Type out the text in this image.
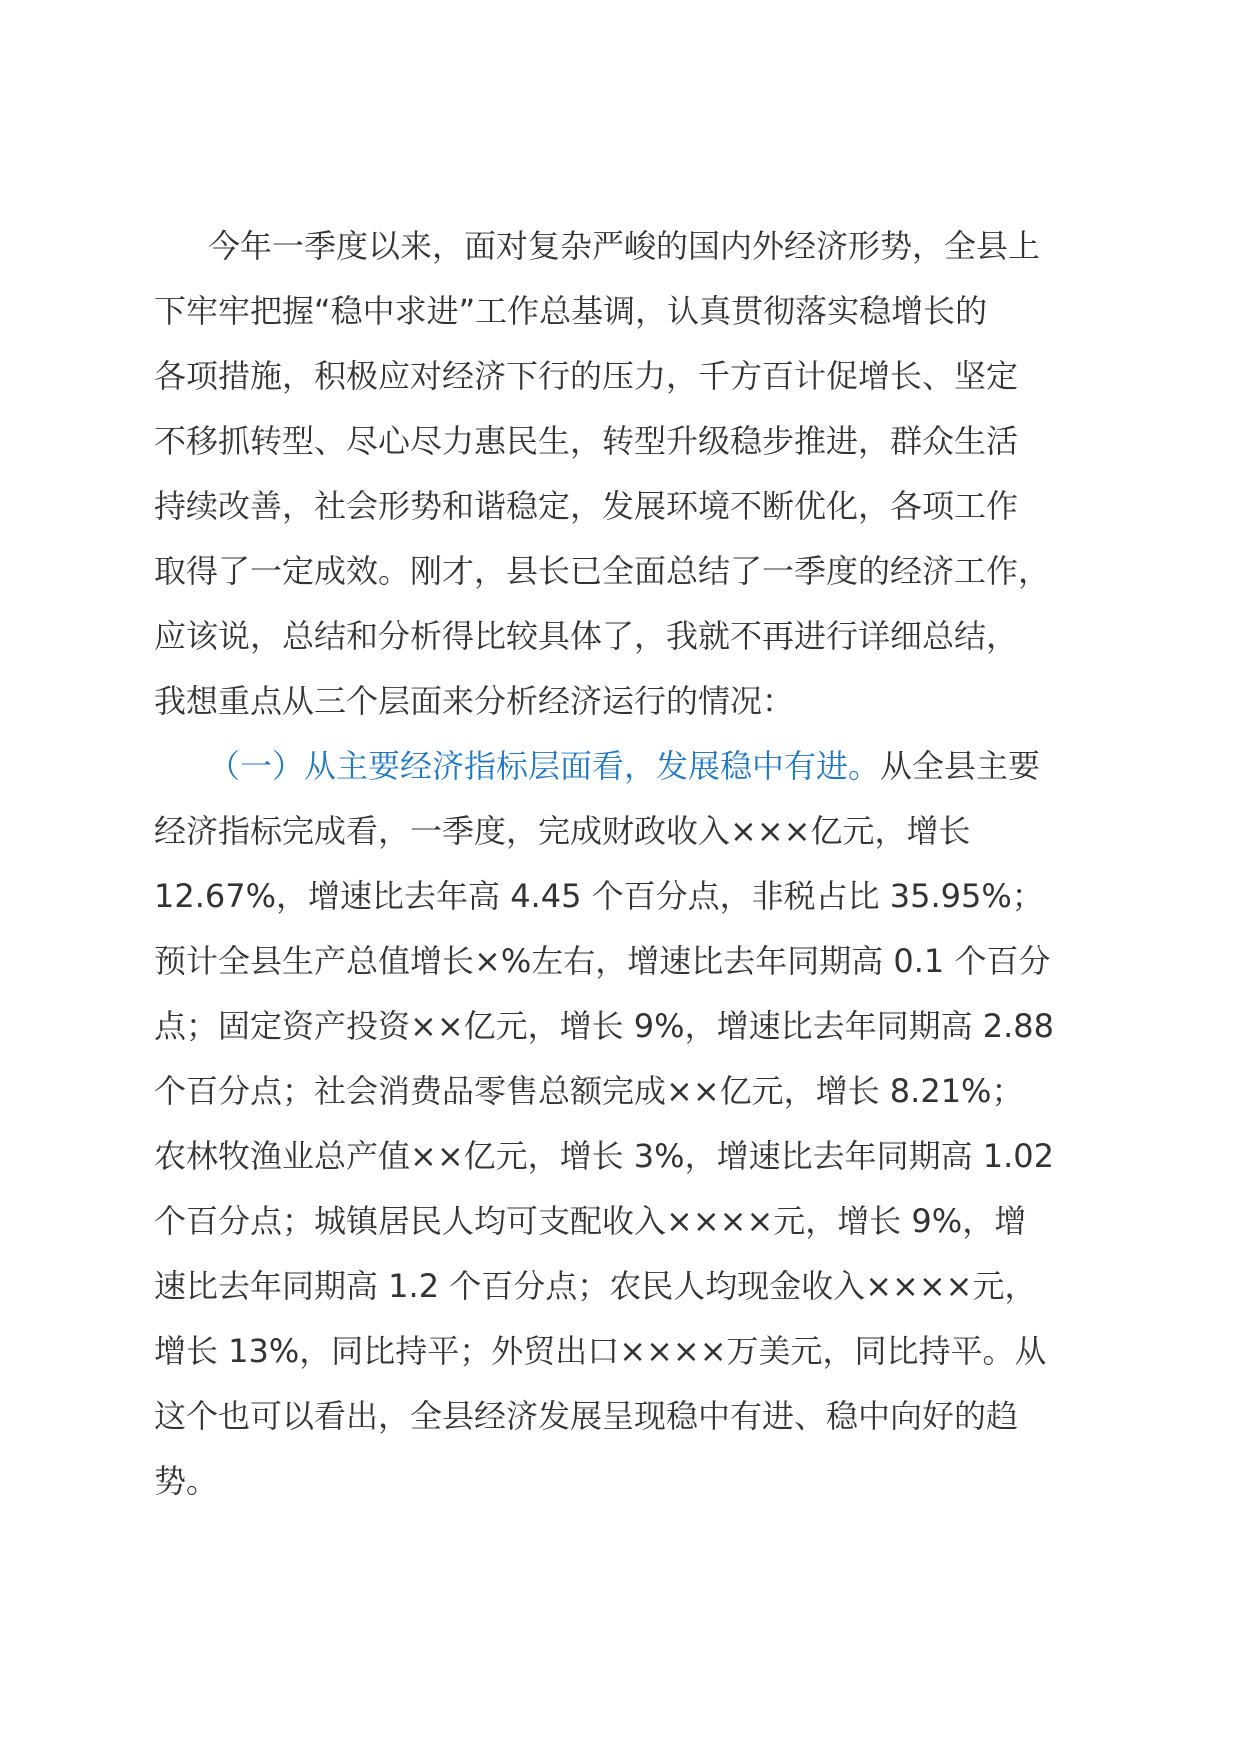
今年一季度以来，面对复杂严峻的国内外经济形势，全县上
下牢牢把握“稳中求进”工作总基调，认真贯彻落实稳增长的
各项措施，积极应对经济下行的压力，千方百计促增长、坚定
不移抓转型、尽心尽力惠民生，转型升级稳步推进，群众生活
持续改善，社会形势和谐稳定，发展环境不断优化，各项工作
取得了一定成效。刚才，县长已全面总结了一季度的经济工作，
应该说，总结和分析得比较具体了，我就不再进行详细总结，
我想重点从三个层面来分析经济运行的情况：
（一）从主要经济指标层面看，发展稳中有进。从全县主要
经济指标完成看，一季度，完成财政收入×××亿元，增长
12.67%，增速比去年高 4.45 个百分点，非税占比 35.95%；
预计全县生产总值增长×%左右，增速比去年同期高 0.1 个百分
点；固定资产投资××亿元，增长 9%，增速比去年同期高 2.88
个百分点；社会消费品零售总额完成××亿元，增长 8.21%；
农林牧渔业总产值××亿元，增长 3%，增速比去年同期高 1.02
个百分点；城镇居民人均可支配收入××××元，增长 9%，增
速比去年同期高 1.2 个百分点；农民人均现金收入××××元，
增长 13%，同比持平；外贸出口××××万美元，同比持平。从
这个也可以看出，全县经济发展呈现稳中有进、稳中向好的趋
势。
